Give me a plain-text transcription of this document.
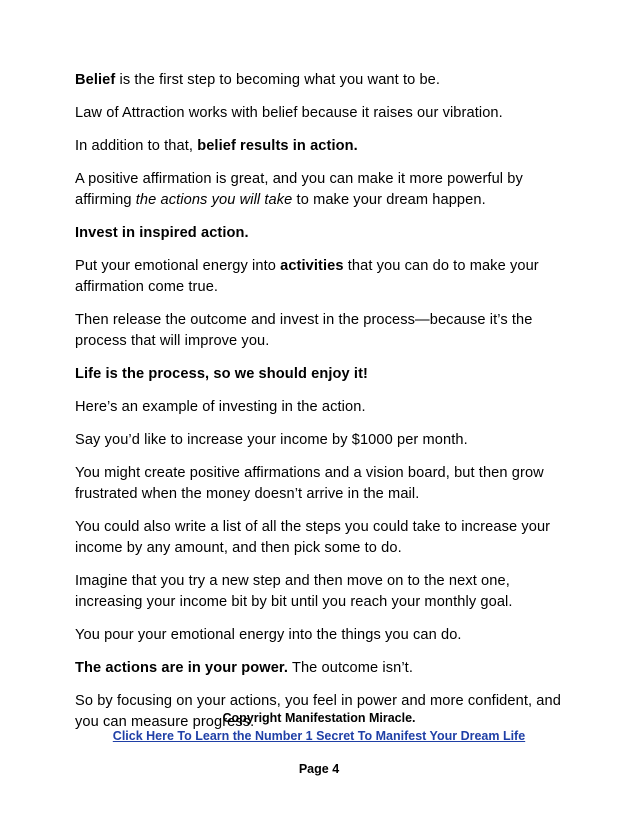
Belief is the first step to becoming what you want to be.

Law of Attraction works with belief because it raises our vibration.

In addition to that, belief results in action.

A positive affirmation is great, and you can make it more powerful by affirming the actions you will take to make your dream happen.

Invest in inspired action.

Put your emotional energy into activities that you can do to make your affirmation come true.

Then release the outcome and invest in the process—because it’s the process that will improve you.

Life is the process, so we should enjoy it!

Here’s an example of investing in the action.

Say you’d like to increase your income by $1000 per month.

You might create positive affirmations and a vision board, but then grow frustrated when the money doesn’t arrive in the mail.

You could also write a list of all the steps you could take to increase your income by any amount, and then pick some to do.

Imagine that you try a new step and then move on to the next one, increasing your income bit by bit until you reach your monthly goal.

You pour your emotional energy into the things you can do.

The actions are in your power. The outcome isn’t.

So by focusing on your actions, you feel in power and more confident, and you can measure progress.

Copyright Manifestation Miracle.
Click Here To Learn the Number 1 Secret To Manifest Your Dream Life
Page 4
